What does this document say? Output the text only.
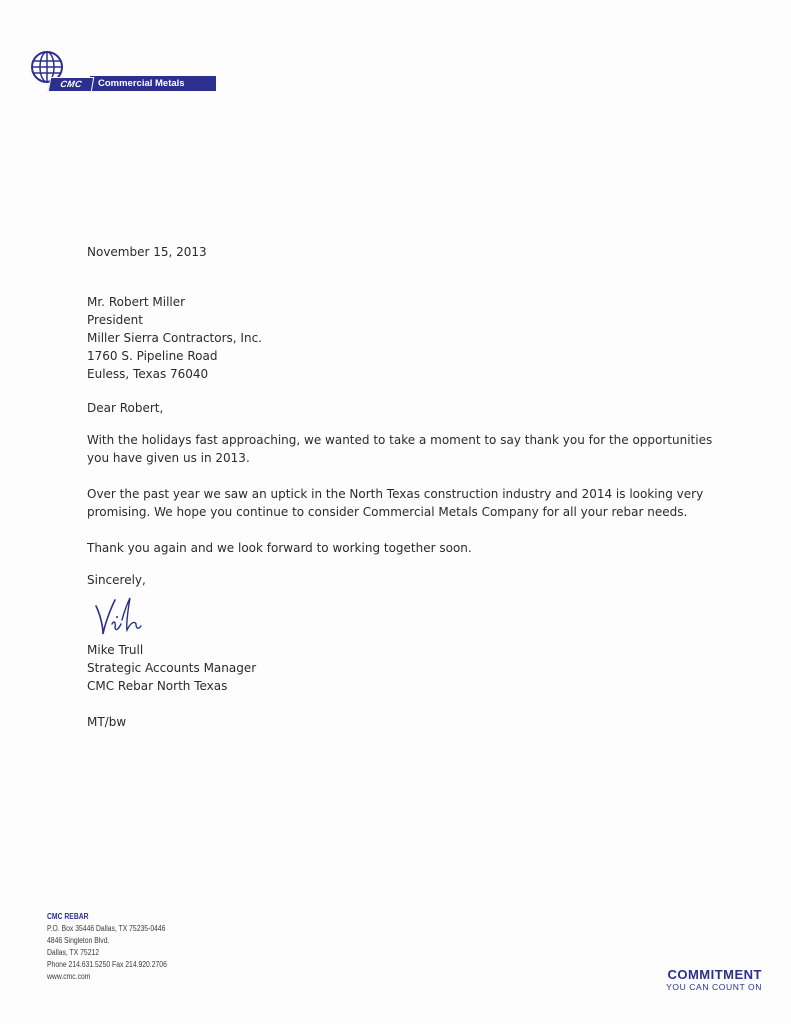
Commercial Metals
CMC
November 15, 2013
Mr. Robert Miller
President
Miller Sierra Contractors, Inc.
1760 S. Pipeline Road
Euless, Texas 76040
Dear Robert,
With the holidays fast approaching, we wanted to take a moment to say thank you for the opportunities you have given us in 2013.
Over the past year we saw an uptick in the North Texas construction industry and 2014 is looking very promising. We hope you continue to consider Commercial Metals Company for all your rebar needs.
Thank you again and we look forward to working together soon.
Sincerely,
Mike Trull
Strategic Accounts Manager
CMC Rebar North Texas
MT/bw
CMC REBAR
P.O. Box 35446 Dallas, TX 75235-0446
4846 Singleton Blvd.
Dallas, TX 75212
Phone 214.631.5250 Fax 214.920.2706
www.cmc.com	COMMITMENT
YOU CAN COUNT ON
